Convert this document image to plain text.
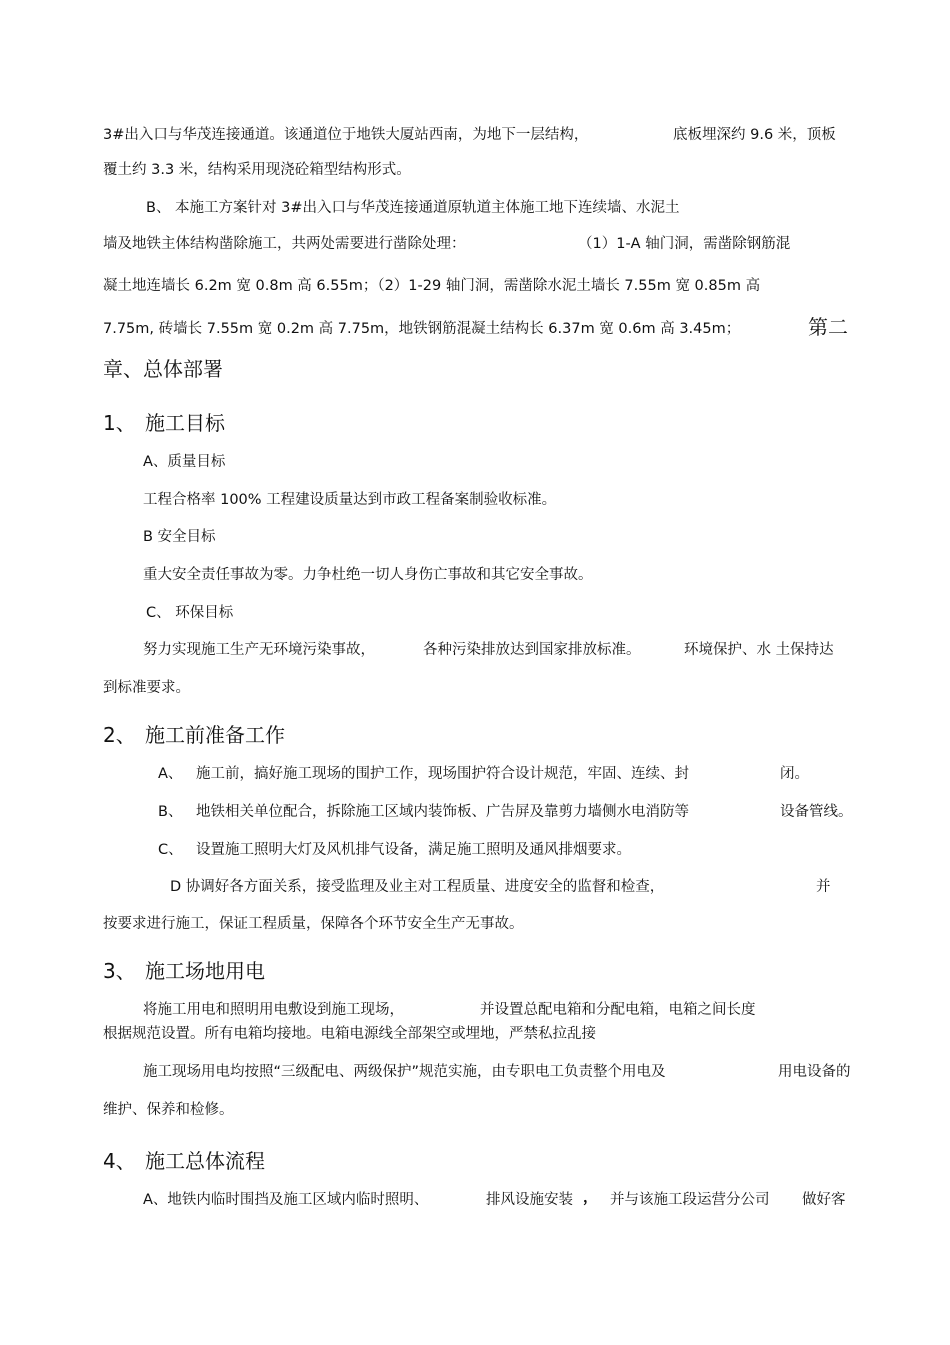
3#出入口与华茂连接通道。该通道位于地铁大厦站西南，为地下一层结构，	底板埋深约 9.6 米，顶板
覆土约 3.3 米，结构采用现浇砼箱型结构形式。
B、 本施工方案针对 3#出入口与华茂连接通道原轨道主体施工地下连续墙、水泥土
墙及地铁主体结构凿除施工，共两处需要进行凿除处理：	（1）1-A 轴门洞，需凿除钢筋混
凝土地连墙长 6.2m 宽 0.8m 高 6.55m；（2）1-29 轴门洞，需凿除水泥土墙长 7.55m 宽 0.85m 高
7.75m, 砖墙长 7.55m 宽 0.2m 高 7.75m，地铁钢筋混凝土结构长 6.37m 宽 0.6m 高 3.45m；	第二
章、总体部署
1、 施工目标
A、质量目标
工程合格率 100% 工程建设质量达到市政工程备案制验收标准。
B 安全目标
重大安全责任事故为零。力争杜绝一切人身伤亡事故和其它安全事故。
C、 环保目标
努力实现施工生产无环境污染事故，	各种污染排放达到国家排放标准。	环境保护、水 土保持达
到标准要求。
2、 施工前准备工作
A、 施工前，搞好施工现场的围护工作，现场围护符合设计规范，牢固、连续、封	闭。
B、 地铁相关单位配合，拆除施工区域内装饰板、广告屏及靠剪力墙侧水电消防等	设备管线。
C、 设置施工照明大灯及风机排气设备，满足施工照明及通风排烟要求。
D 协调好各方面关系，接受监理及业主对工程质量、进度安全的监督和检查，	并
按要求进行施工，保证工程质量，保障各个环节安全生产无事故。
3、 施工场地用电
将施工用电和照明用电敷设到施工现场，	并设置总配电箱和分配电箱，电箱之间长度
根据规范设置。所有电箱均接地。电箱电源线全部架空或埋地，严禁私拉乱接
施工现场用电均按照“三级配电、两级保护”规范实施，由专职电工负责整个用电及	用电设备的
维护、保养和检修。
4、 施工总体流程
A、地铁内临时围挡及施工区域内临时照明、	排风设施安装 ， 并与该施工段运营分公司 做好客
